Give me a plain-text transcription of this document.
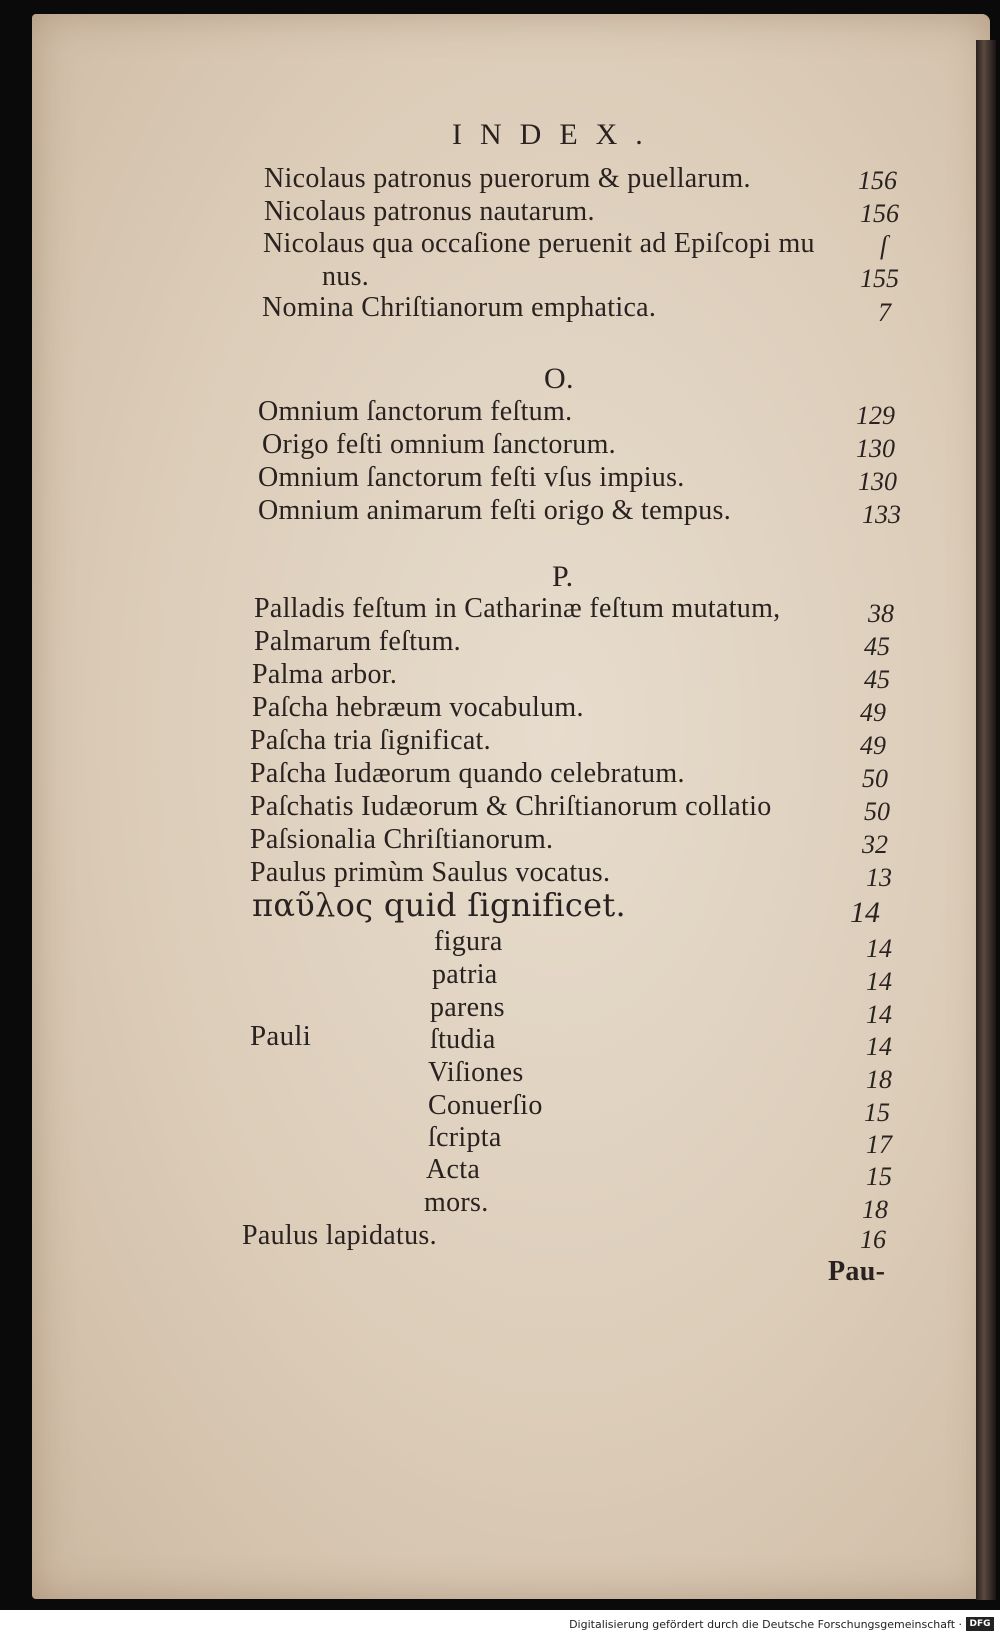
INDEX.
Nicolaus patronus puerorum & puellarum.	156
Nicolaus patronus nautarum.	156
Nicolaus qua occaſione peruenit ad Epiſcopi mu	ſ
nus.	155
Nomina Chriſtianorum emphatica.	7
O.
Omnium ſanctorum feſtum.	129
Origo feſti omnium ſanctorum.	130
Omnium ſanctorum feſti vſus impius.	130
Omnium animarum feſti origo & tempus.	133
P.
Palladis feſtum in Catharinæ feſtum mutatum,	38
Palmarum feſtum.	45
Palma arbor.	45
Paſcha hebræum vocabulum.	49
Paſcha tria ſignificat.	49
Paſcha Iudæorum quando celebratum.	50
Paſchatis Iudæorum & Chriſtianorum collatio	50
Paſsionalia Chriſtianorum.	32
Paulus primùm Saulus vocatus.	13
παῦλος quid ſignificet.	14
Pauli
figura	14
patria	14
parens	14
ſtudia	14
Viſiones	18
Conuerſio	15
ſcripta	17
Acta	15
mors.	18
Paulus lapidatus.	16
Pau-
Digitalisierung gefördert durch die Deutsche Forschungsgemeinschaft · DFG
